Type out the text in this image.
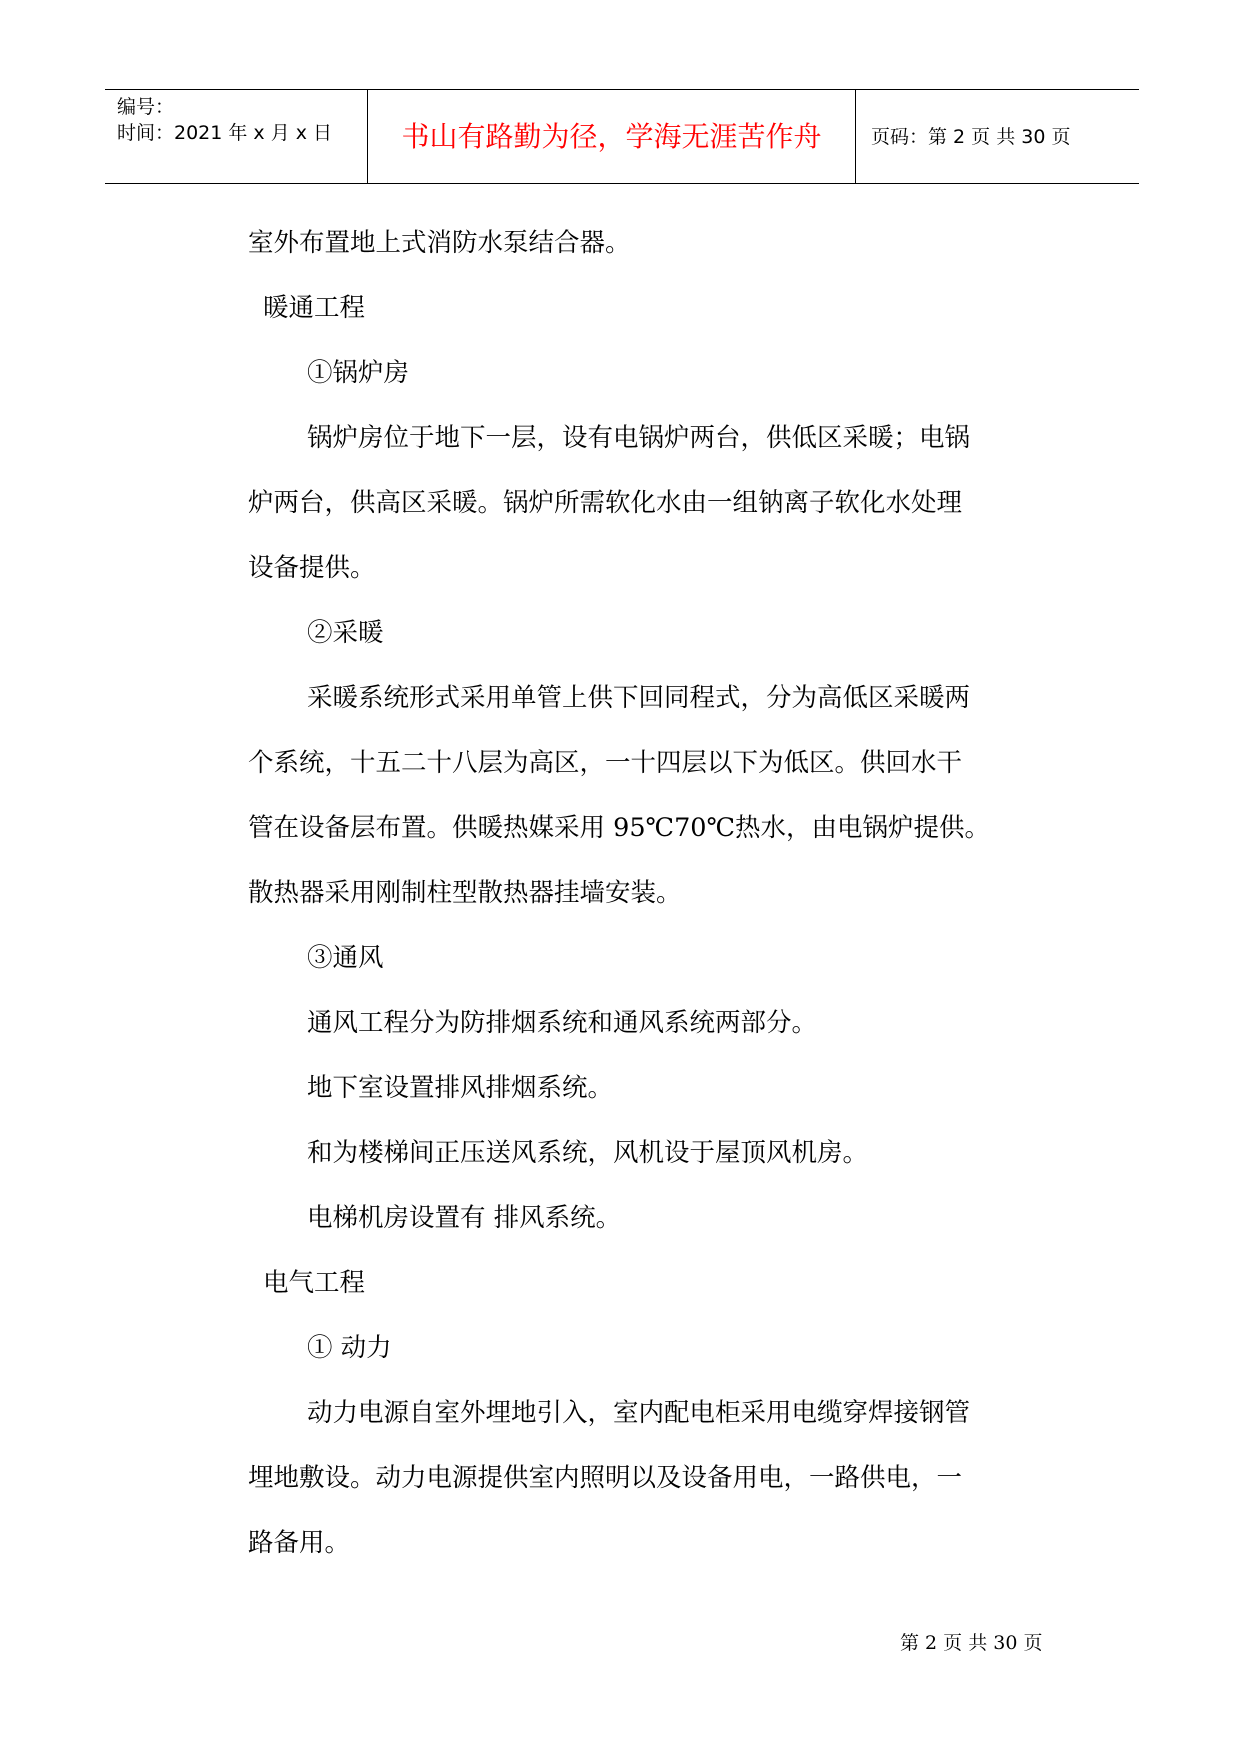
编号：
时间：2021 年 x 月 x 日	书山有路勤为径，学海无涯苦作舟	页码：第 2 页 共 30 页
室外布置地上式消防水泵结合器。
暖通工程
①锅炉房
锅炉房位于地下一层，设有电锅炉两台，供低区采暖；电锅
炉两台，供高区采暖。锅炉所需软化水由一组钠离子软化水处理
设备提供。
②采暖
采暖系统形式采用单管上供下回同程式，分为高低区采暖两
个系统，十五二十八层为高区，一十四层以下为低区。供回水干
管在设备层布置。供暖热媒采用 95℃70℃热水，由电锅炉提供。
散热器采用刚制柱型散热器挂墙安装。
③通风
通风工程分为防排烟系统和通风系统两部分。
地下室设置排风排烟系统。
和为楼梯间正压送风系统，风机设于屋顶风机房。
电梯机房设置有 排风系统。
电气工程
① 动力
动力电源自室外埋地引入，室内配电柜采用电缆穿焊接钢管
埋地敷设。动力电源提供室内照明以及设备用电，一路供电，一
路备用。
第 2 页 共 30 页
